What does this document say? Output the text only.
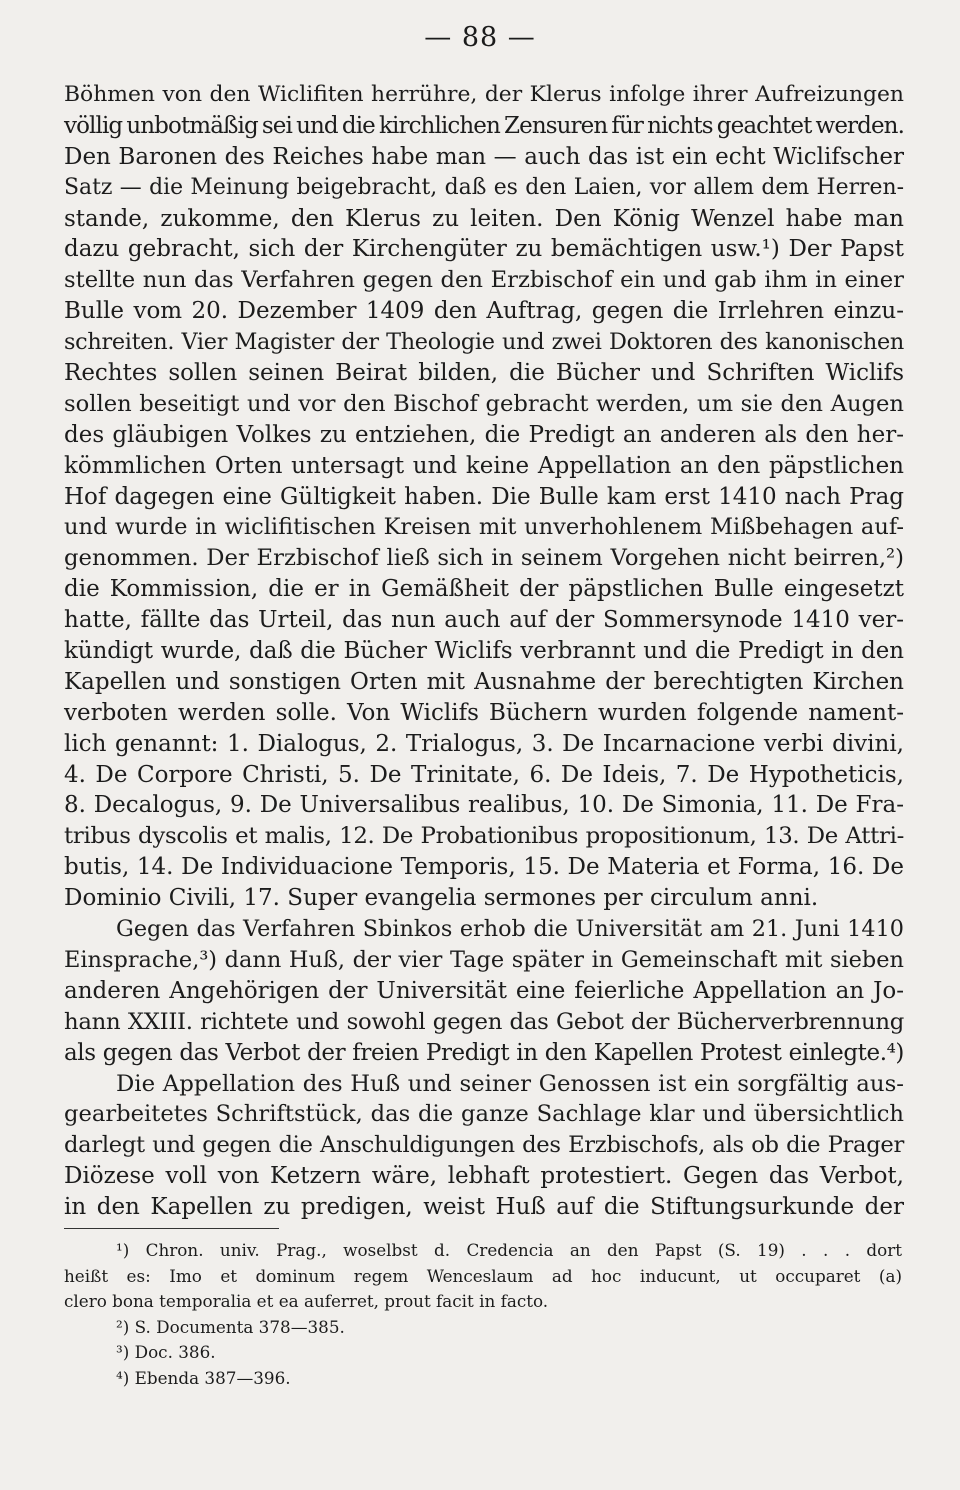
— 88 —
Böhmen von den Wiclifiten herrühre, der Klerus infolge ihrer Aufreizungen
völlig unbotmäßig sei und die kirchlichen Zensuren für nichts geachtet werden.
Den Baronen des Reiches habe man — auch das ist ein echt Wiclifscher
Satz — die Meinung beigebracht, daß es den Laien, vor allem dem Herren-
stande, zukomme, den Klerus zu leiten. Den König Wenzel habe man
dazu gebracht, sich der Kirchengüter zu bemächtigen usw.¹) Der Papst
stellte nun das Verfahren gegen den Erzbischof ein und gab ihm in einer
Bulle vom 20. Dezember 1409 den Auftrag, gegen die Irrlehren einzu-
schreiten. Vier Magister der Theologie und zwei Doktoren des kanonischen
Rechtes sollen seinen Beirat bilden, die Bücher und Schriften Wiclifs
sollen beseitigt und vor den Bischof gebracht werden, um sie den Augen
des gläubigen Volkes zu entziehen, die Predigt an anderen als den her-
kömmlichen Orten untersagt und keine Appellation an den päpstlichen
Hof dagegen eine Gültigkeit haben. Die Bulle kam erst 1410 nach Prag
und wurde in wiclifitischen Kreisen mit unverhohlenem Mißbehagen auf-
genommen. Der Erzbischof ließ sich in seinem Vorgehen nicht beirren,²)
die Kommission, die er in Gemäßheit der päpstlichen Bulle eingesetzt
hatte, fällte das Urteil, das nun auch auf der Sommersynode 1410 ver-
kündigt wurde, daß die Bücher Wiclifs verbrannt und die Predigt in den
Kapellen und sonstigen Orten mit Ausnahme der berechtigten Kirchen
verboten werden solle. Von Wiclifs Büchern wurden folgende nament-
lich genannt: 1. Dialogus, 2. Trialogus, 3. De Incarnacione verbi divini,
4. De Corpore Christi, 5. De Trinitate, 6. De Ideis, 7. De Hypotheticis,
8. Decalogus, 9. De Universalibus realibus, 10. De Simonia, 11. De Fra-
tribus dyscolis et malis, 12. De Probationibus propositionum, 13. De Attri-
butis, 14. De Individuacione Temporis, 15. De Materia et Forma, 16. De
Dominio Civili, 17. Super evangelia sermones per circulum anni.
Gegen das Verfahren Sbinkos erhob die Universität am 21. Juni 1410
Einsprache,³) dann Huß, der vier Tage später in Gemeinschaft mit sieben
anderen Angehörigen der Universität eine feierliche Appellation an Jo-
hann XXIII. richtete und sowohl gegen das Gebot der Bücherverbrennung
als gegen das Verbot der freien Predigt in den Kapellen Protest einlegte.⁴)
Die Appellation des Huß und seiner Genossen ist ein sorgfältig aus-
gearbeitetes Schriftstück, das die ganze Sachlage klar und übersichtlich
darlegt und gegen die Anschuldigungen des Erzbischofs, als ob die Prager
Diözese voll von Ketzern wäre, lebhaft protestiert. Gegen das Verbot,
in den Kapellen zu predigen, weist Huß auf die Stiftungsurkunde der
¹) Chron. univ. Prag., woselbst d. Credencia an den Papst (S. 19) . . . dort
heißt es: Imo et dominum regem Wenceslaum ad hoc inducunt, ut occuparet (a)
clero bona temporalia et ea auferret, prout facit in facto.
²) S. Documenta 378—385.
³) Doc. 386.
⁴) Ebenda 387—396.
